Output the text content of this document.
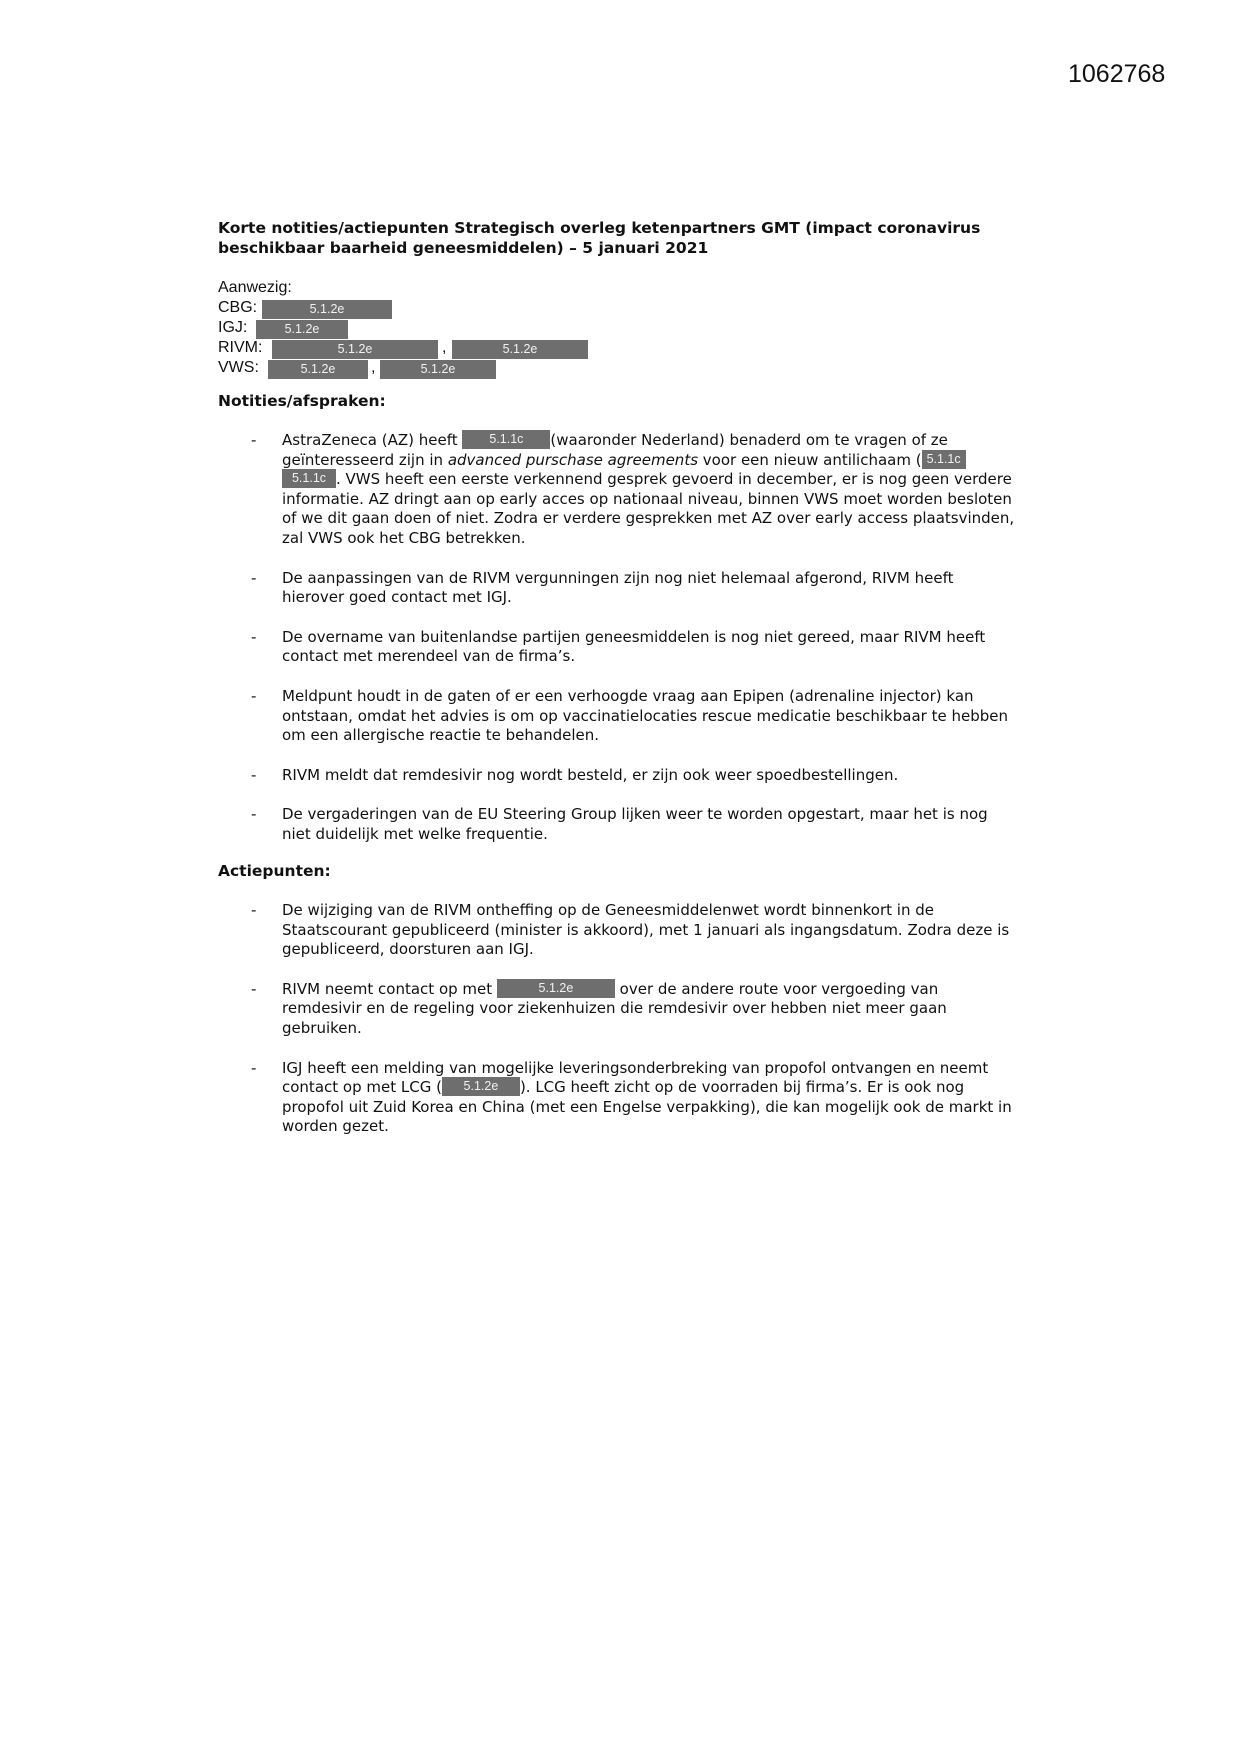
1062768
Korte notities/actiepunten Strategisch overleg ketenpartners GMT (impact coronavirus beschikbaar baarheid geneesmiddelen) – 5 januari 2021
Aanwezig:
CBG:	5.1.2e
IGJ:	5.1.2e
RIVM:	5.1.2e	,	5.1.2e
VWS:	5.1.2e	,	5.1.2e
Notities/afspraken:
- AstraZeneca (AZ) heeft 5.1.1c (waaronder Nederland) benaderd om te vragen of ze geïnteresseerd zijn in advanced purschase agreements voor een nieuw antilichaam ( 5.1.1c 5.1.1c . VWS heeft een eerste verkennend gesprek gevoerd in december, er is nog geen verdere informatie. AZ dringt aan op early acces op nationaal niveau, binnen VWS moet worden besloten of we dit gaan doen of niet. Zodra er verdere gesprekken met AZ over early access plaatsvinden, zal VWS ook het CBG betrekken.
- De aanpassingen van de RIVM vergunningen zijn nog niet helemaal afgerond, RIVM heeft hierover goed contact met IGJ.
- De overname van buitenlandse partijen geneesmiddelen is nog niet gereed, maar RIVM heeft contact met merendeel van de firma’s.
- Meldpunt houdt in de gaten of er een verhoogde vraag aan Epipen (adrenaline injector) kan ontstaan, omdat het advies is om op vaccinatielocaties rescue medicatie beschikbaar te hebben om een allergische reactie te behandelen.
- RIVM meldt dat remdesivir nog wordt besteld, er zijn ook weer spoedbestellingen.
- De vergaderingen van de EU Steering Group lijken weer te worden opgestart, maar het is nog niet duidelijk met welke frequentie.
Actiepunten:
- De wijziging van de RIVM ontheffing op de Geneesmiddelenwet wordt binnenkort in de Staatscourant gepubliceerd (minister is akkoord), met 1 januari als ingangsdatum. Zodra deze is gepubliceerd, doorsturen aan IGJ.
- RIVM neemt contact op met	5.1.2e	over de andere route voor vergoeding van remdesivir en de regeling voor ziekenhuizen die remdesivir over hebben niet meer gaan gebruiken.
- IGJ heeft een melding van mogelijke leveringsonderbreking van propofol ontvangen en neemt contact op met LCG ( 5.1.2e ). LCG heeft zicht op de voorraden bij firma’s. Er is ook nog propofol uit Zuid Korea en China (met een Engelse verpakking), die kan mogelijk ook de markt in worden gezet.
